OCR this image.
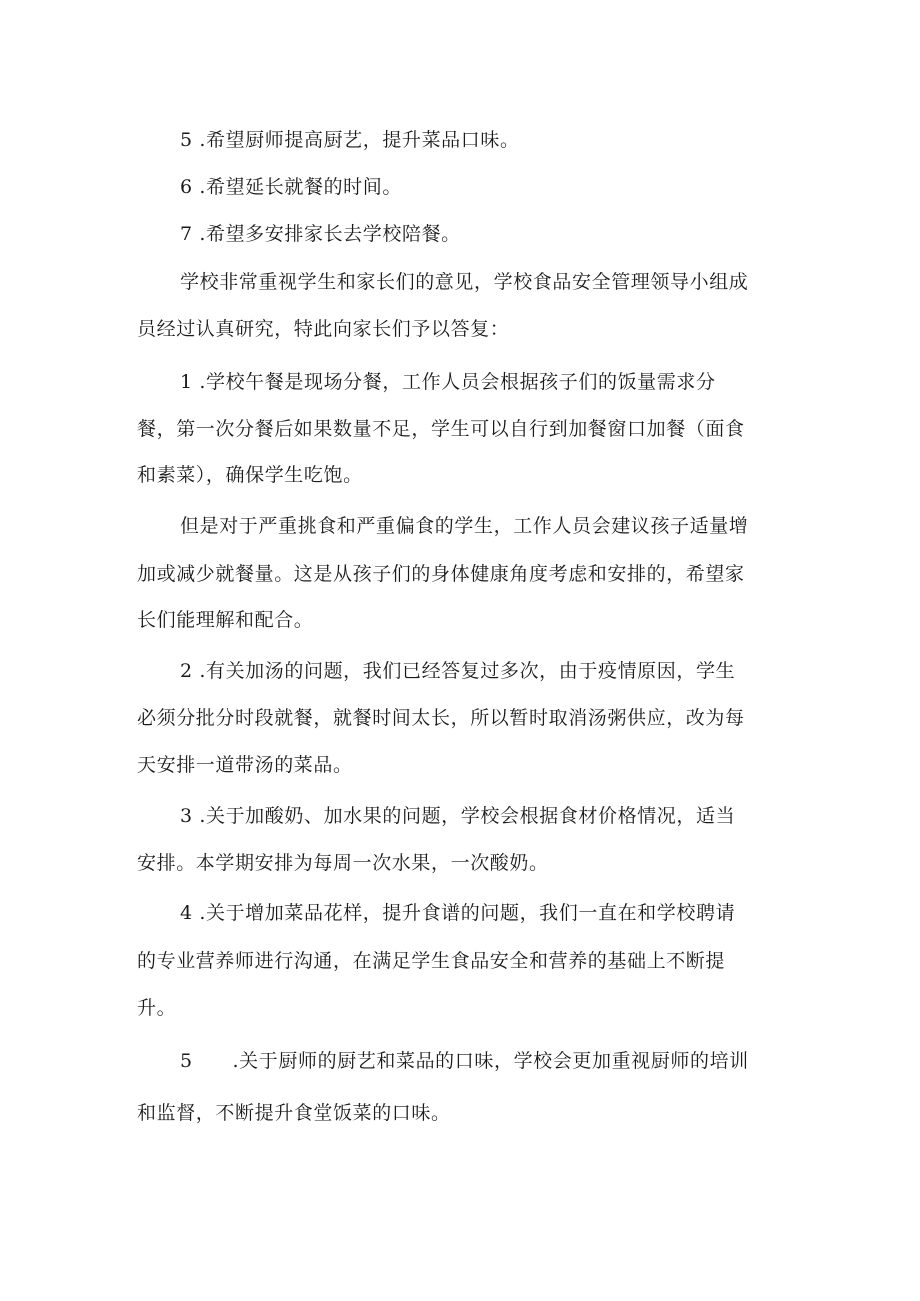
5 .希望厨师提高厨艺，提升菜品口味。
6 .希望延长就餐的时间。
7 .希望多安排家长去学校陪餐。
学校非常重视学生和家长们的意见，学校食品安全管理领导小组成
员经过认真研究，特此向家长们予以答复：
1 .学校午餐是现场分餐，工作人员会根据孩子们的饭量需求分
餐，第一次分餐后如果数量不足，学生可以自行到加餐窗口加餐（面食
和素菜），确保学生吃饱。
但是对于严重挑食和严重偏食的学生，工作人员会建议孩子适量增
加或减少就餐量。这是从孩子们的身体健康角度考虑和安排的，希望家
长们能理解和配合。
2 .有关加汤的问题，我们已经答复过多次，由于疫情原因，学生
必须分批分时段就餐，就餐时间太长，所以暂时取消汤粥供应，改为每
天安排一道带汤的菜品。
3 .关于加酸奶、加水果的问题，学校会根据食材价格情况，适当
安排。本学期安排为每周一次水果，一次酸奶。
4 .关于增加菜品花样，提升食谱的问题，我们一直在和学校聘请
的专业营养师进行沟通，在满足学生食品安全和营养的基础上不断提
升。
5      .关于厨师的厨艺和菜品的口味，学校会更加重视厨师的培训
和监督，不断提升食堂饭菜的口味。
